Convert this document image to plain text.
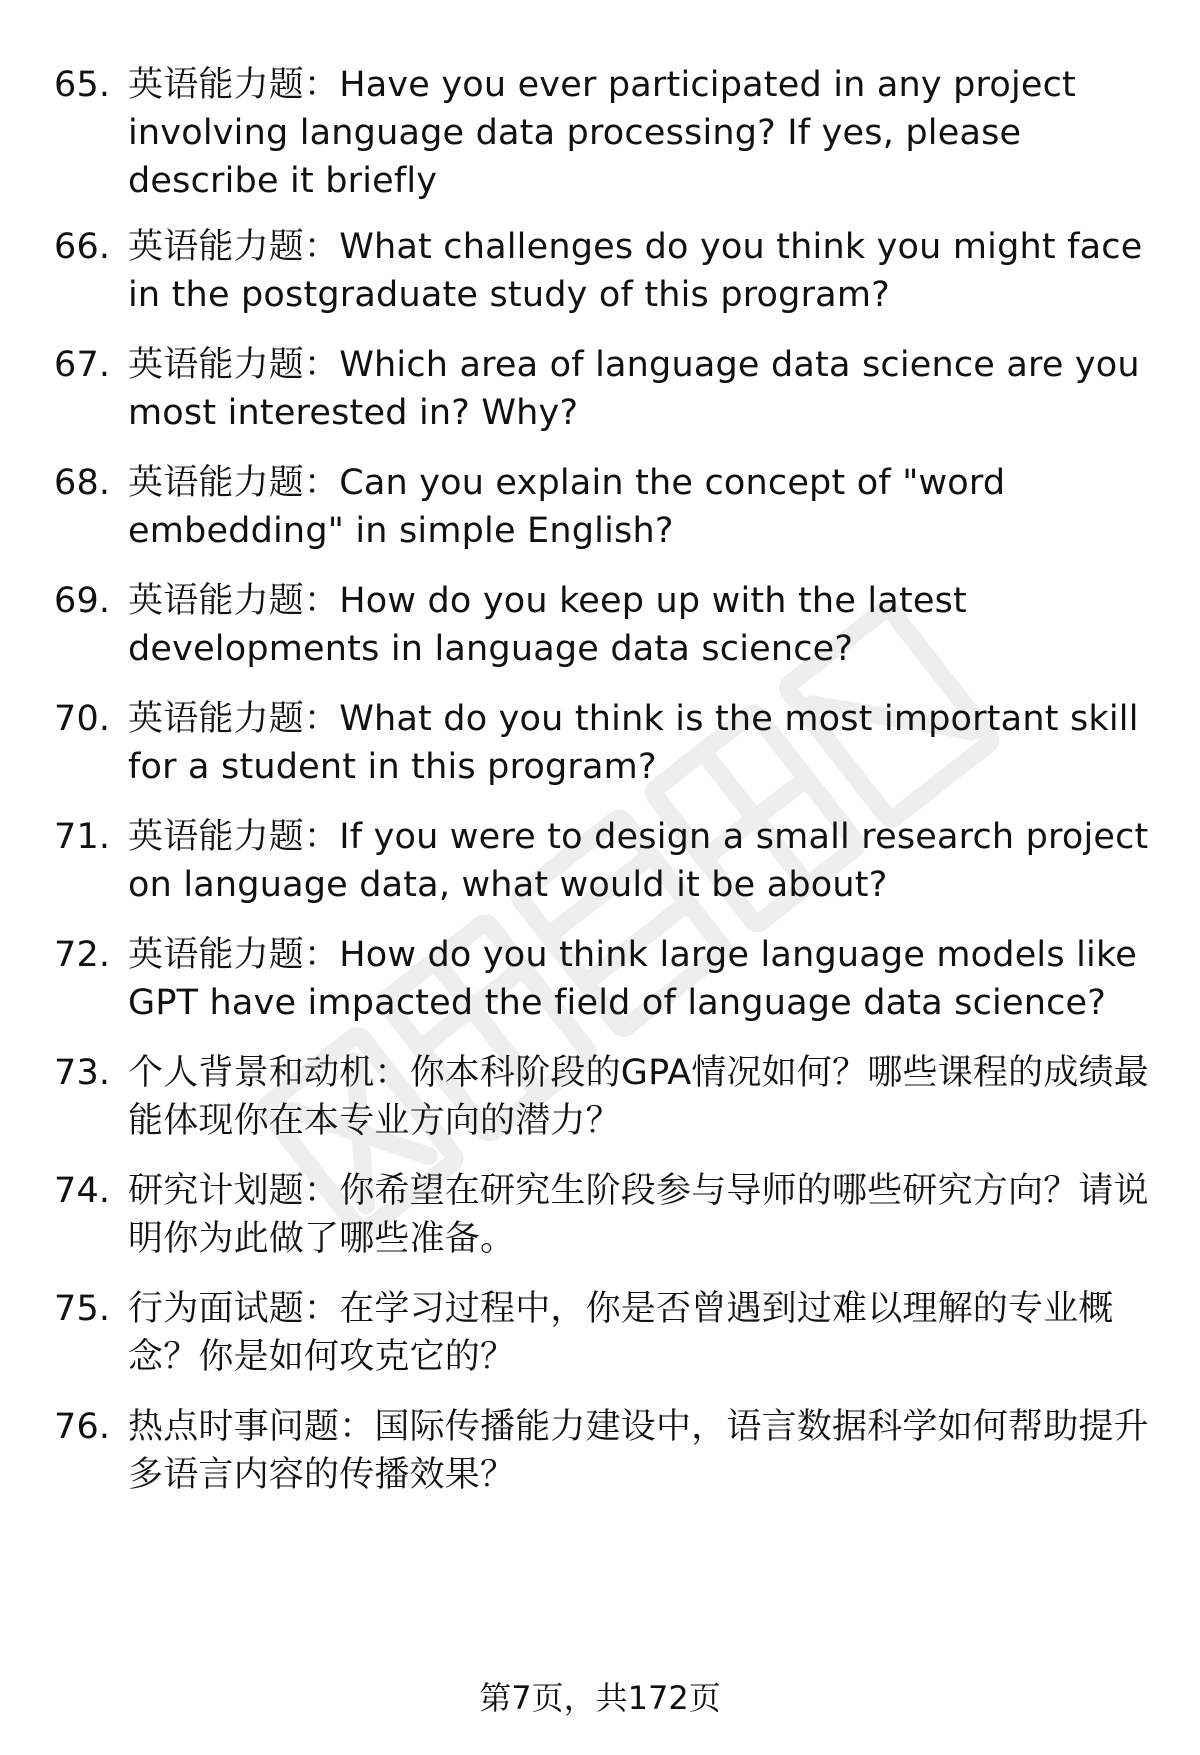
65. 英语能力题：Have you ever participated in any project involving language data processing? If yes, please describe it briefly
66. 英语能力题：What challenges do you think you might face in the postgraduate study of this program?
67. 英语能力题：Which area of language data science are you most interested in? Why?
68. 英语能力题：Can you explain the concept of "word embedding" in simple English?
69. 英语能力题：How do you keep up with the latest developments in language data science?
70. 英语能力题：What do you think is the most important skill for a student in this program?
71. 英语能力题：If you were to design a small research project on language data, what would it be about?
72. 英语能力题：How do you think large language models like GPT have impacted the field of language data science?
73. 个人背景和动机：你本科阶段的GPA情况如何？哪些课程的成绩最能体现你在本专业方向的潜力？
74. 研究计划题：你希望在研究生阶段参与导师的哪些研究方向？请说明你为此做了哪些准备。
75. 行为面试题：在学习过程中，你是否曾遇到过难以理解的专业概念？你是如何攻克它的？
76. 热点时事问题：国际传播能力建设中，语言数据科学如何帮助提升多语言内容的传播效果？
第7页，共172页
